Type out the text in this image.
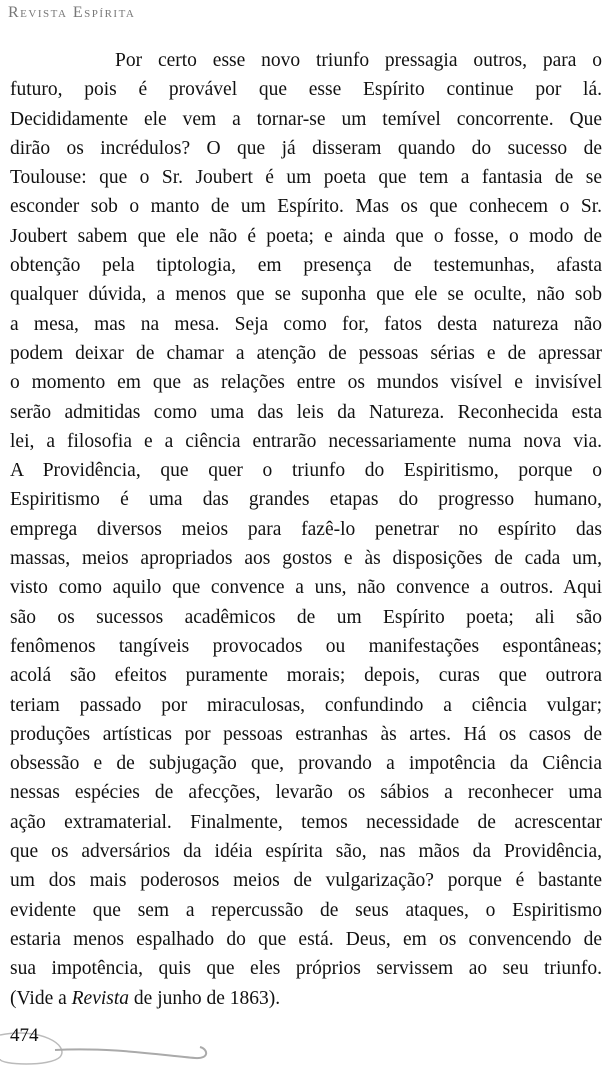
Revista Espírita
Por certo esse novo triunfo pressagia outros, para o
futuro, pois é provável que esse Espírito continue por lá.
Decididamente ele vem a tornar-se um temível concorrente. Que
dirão os incrédulos? O que já disseram quando do sucesso de
Toulouse: que o Sr. Joubert é um poeta que tem a fantasia de se
esconder sob o manto de um Espírito. Mas os que conhecem o Sr.
Joubert sabem que ele não é poeta; e ainda que o fosse, o modo de
obtenção pela tiptologia, em presença de testemunhas, afasta
qualquer dúvida, a menos que se suponha que ele se oculte, não sob
a mesa, mas na mesa. Seja como for, fatos desta natureza não
podem deixar de chamar a atenção de pessoas sérias e de apressar
o momento em que as relações entre os mundos visível e invisível
serão admitidas como uma das leis da Natureza. Reconhecida esta
lei, a filosofia e a ciência entrarão necessariamente numa nova via.
A Providência, que quer o triunfo do Espiritismo, porque o
Espiritismo é uma das grandes etapas do progresso humano,
emprega diversos meios para fazê-lo penetrar no espírito das
massas, meios apropriados aos gostos e às disposições de cada um,
visto como aquilo que convence a uns, não convence a outros. Aqui
são os sucessos acadêmicos de um Espírito poeta; ali são
fenômenos tangíveis provocados ou manifestações espontâneas;
acolá são efeitos puramente morais; depois, curas que outrora
teriam passado por miraculosas, confundindo a ciência vulgar;
produções artísticas por pessoas estranhas às artes. Há os casos de
obsessão e de subjugação que, provando a impotência da Ciência
nessas espécies de afecções, levarão os sábios a reconhecer uma
ação extramaterial. Finalmente, temos necessidade de acrescentar
que os adversários da idéia espírita são, nas mãos da Providência,
um dos mais poderosos meios de vulgarização? porque é bastante
evidente que sem a repercussão de seus ataques, o Espiritismo
estaria menos espalhado do que está. Deus, em os convencendo de
sua impotência, quis que eles próprios servissem ao seu triunfo.
(Vide a Revista de junho de 1863).
474
